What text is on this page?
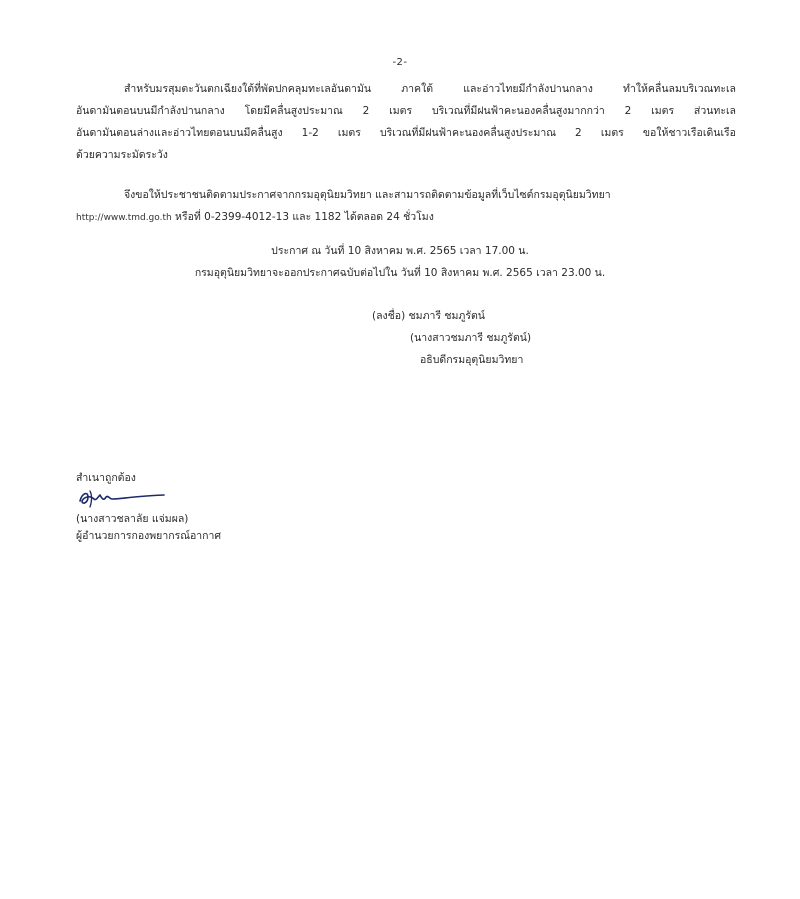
-2-
สำหรับมรสุมตะวันตกเฉียงใต้ที่พัดปกคลุมทะเลอันดามัน ภาคใต้ และอ่าวไทยมีกำลังปานกลาง ทำให้คลื่นลมบริเวณทะเล
อันดามันตอนบนมีกำลังปานกลาง โดยมีคลื่นสูงประมาณ 2 เมตร บริเวณที่มีฝนฟ้าคะนองคลื่นสูงมากกว่า 2 เมตร ส่วนทะเล
อันดามันตอนล่างและอ่าวไทยตอนบนมีคลื่นสูง 1-2 เมตร บริเวณที่มีฝนฟ้าคะนองคลื่นสูงประมาณ 2 เมตร ขอให้ชาวเรือเดินเรือ
ด้วยความระมัดระวัง
จึงขอให้ประชาชนติดตามประกาศจากกรมอุตุนิยมวิทยา และสามารถติดตามข้อมูลที่เว็บไซต์กรมอุตุนิยมวิทยา
http://www.tmd.go.th หรือที่ 0-2399-4012-13 และ 1182 ได้ตลอด 24 ชั่วโมง
ประกาศ ณ วันที่ 10 สิงหาคม พ.ศ. 2565 เวลา 17.00 น.
กรมอุตุนิยมวิทยาจะออกประกาศฉบับต่อไปใน วันที่ 10 สิงหาคม พ.ศ. 2565 เวลา 23.00 น.
(ลงชื่อ) ชมภารี ชมภูรัตน์
(นางสาวชมภารี ชมภูรัตน์)
อธิบดีกรมอุตุนิยมวิทยา
สำเนาถูกต้อง
(นางสาวชลาลัย แจ่มผล)
ผู้อำนวยการกองพยากรณ์อากาศ
